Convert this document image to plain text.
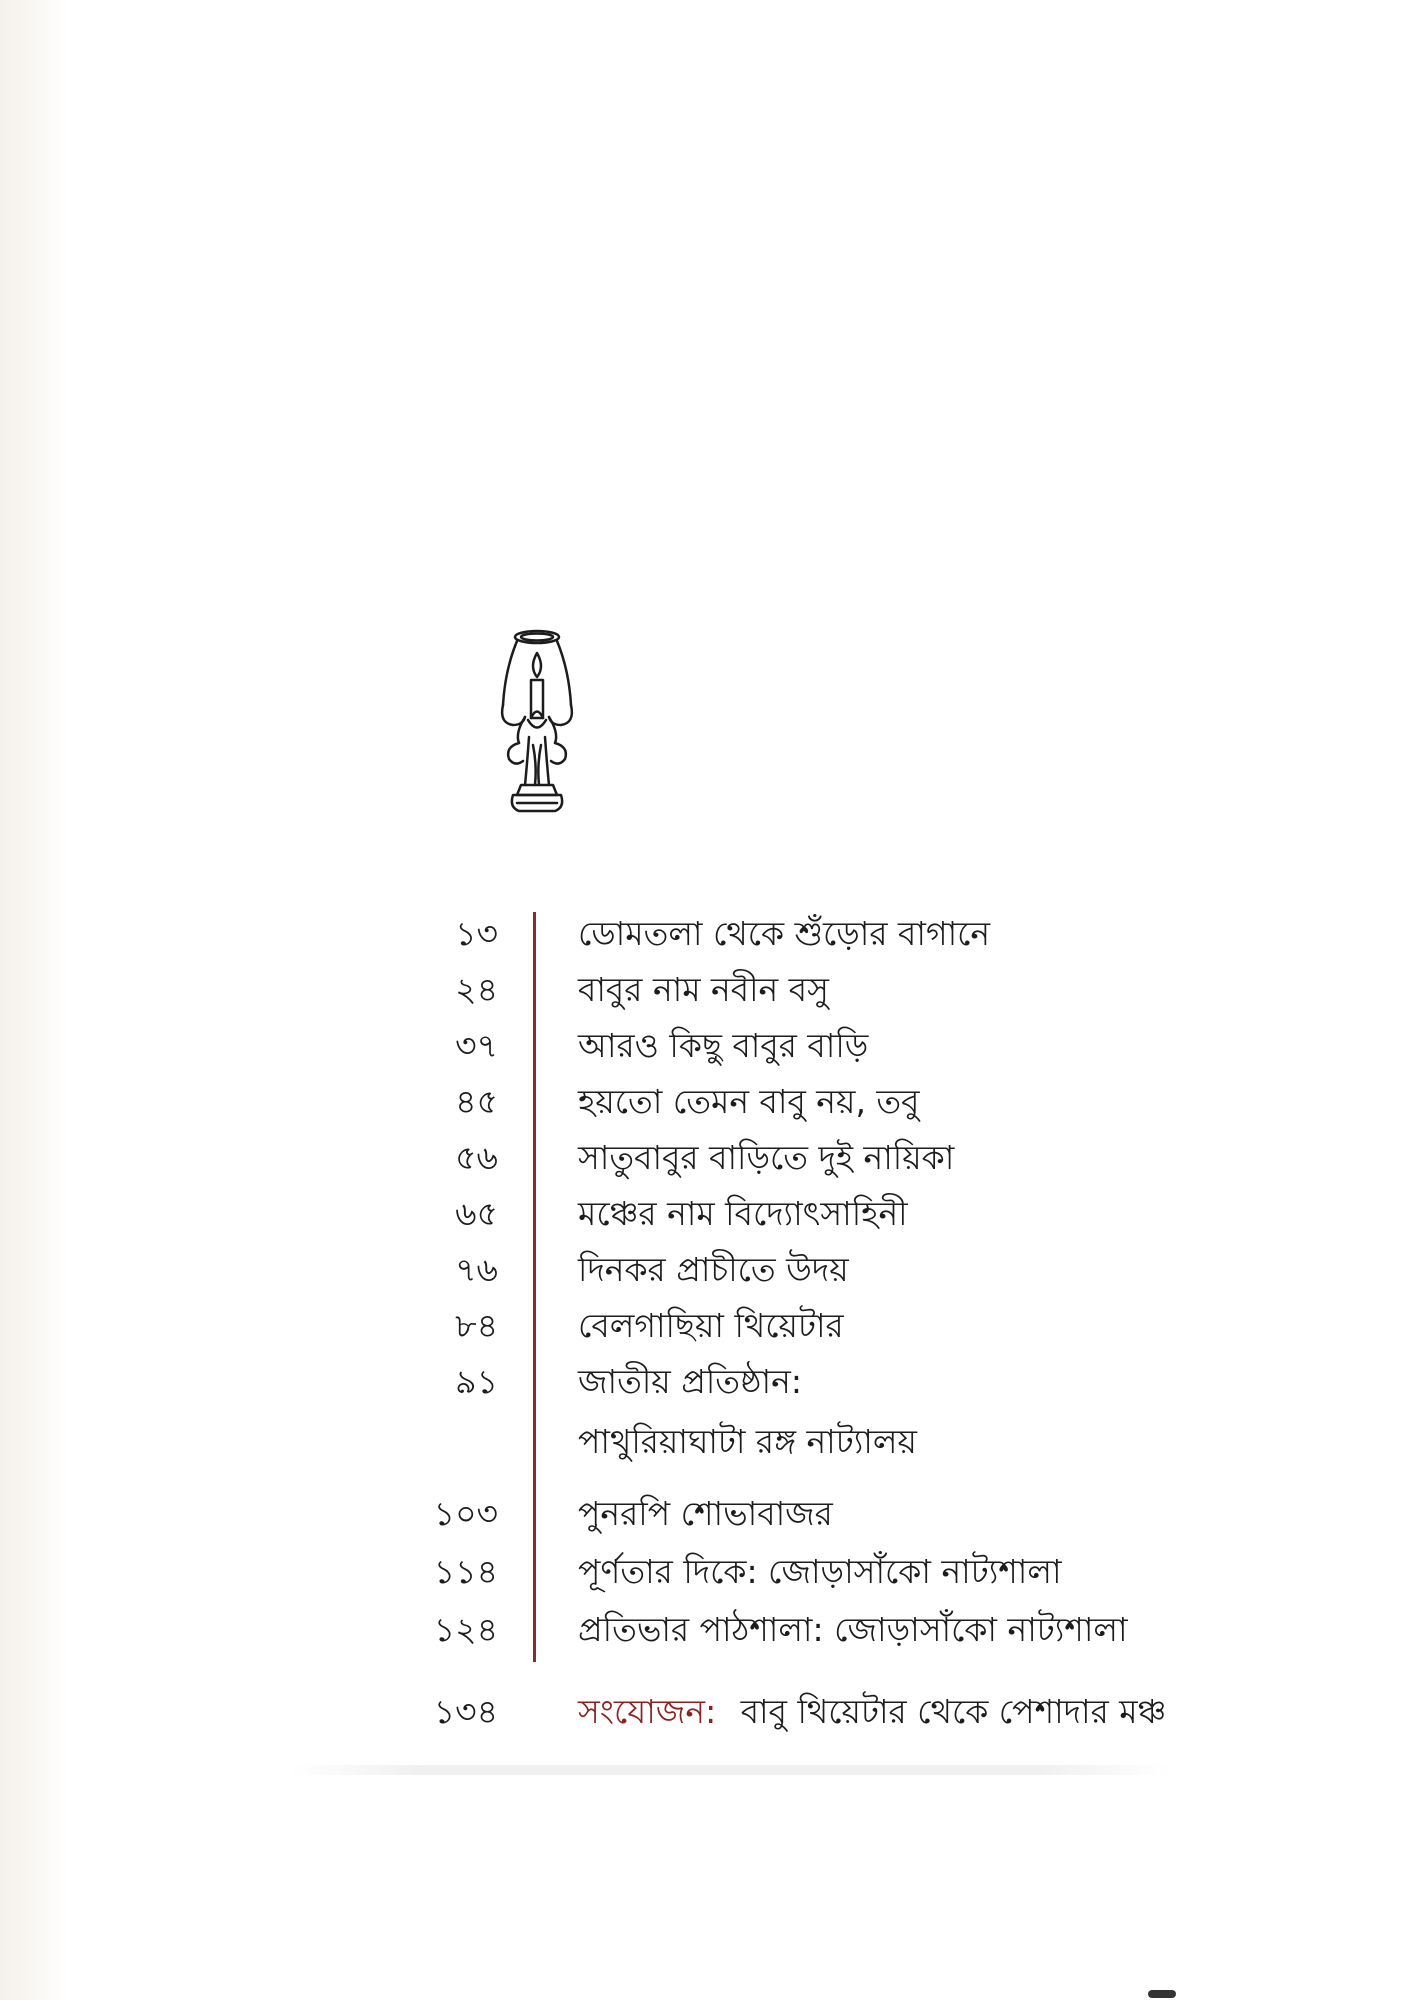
১৩ ডোমতলা থেকে শুঁড়োর বাগানে
২৪ বাবুর নাম নবীন বসু
৩৭ আরও কিছু বাবুর বাড়ি
৪৫ হয়তো তেমন বাবু নয়, তবু
৫৬ সাতুবাবুর বাড়িতে দুই নায়িকা
৬৫ মঞ্চের নাম বিদ্যোৎসাহিনী
৭৬ দিনকর প্রাচীতে উদয়
৮৪ বেলগাছিয়া থিয়েটার
৯১ জাতীয় প্রতিষ্ঠান:
পাথুরিয়াঘাটা রঙ্গ নাট্যালয়
১০৩ পুনরপি শোভাবাজর
১১৪ পূর্ণতার দিকে: জোড়াসাঁকো নাট্যশালা
১২৪ প্রতিভার পাঠশালা: জোড়াসাঁকো নাট্যশালা
১৩৪ সংযোজন: বাবু থিয়েটার থেকে পেশাদার মঞ্চ
